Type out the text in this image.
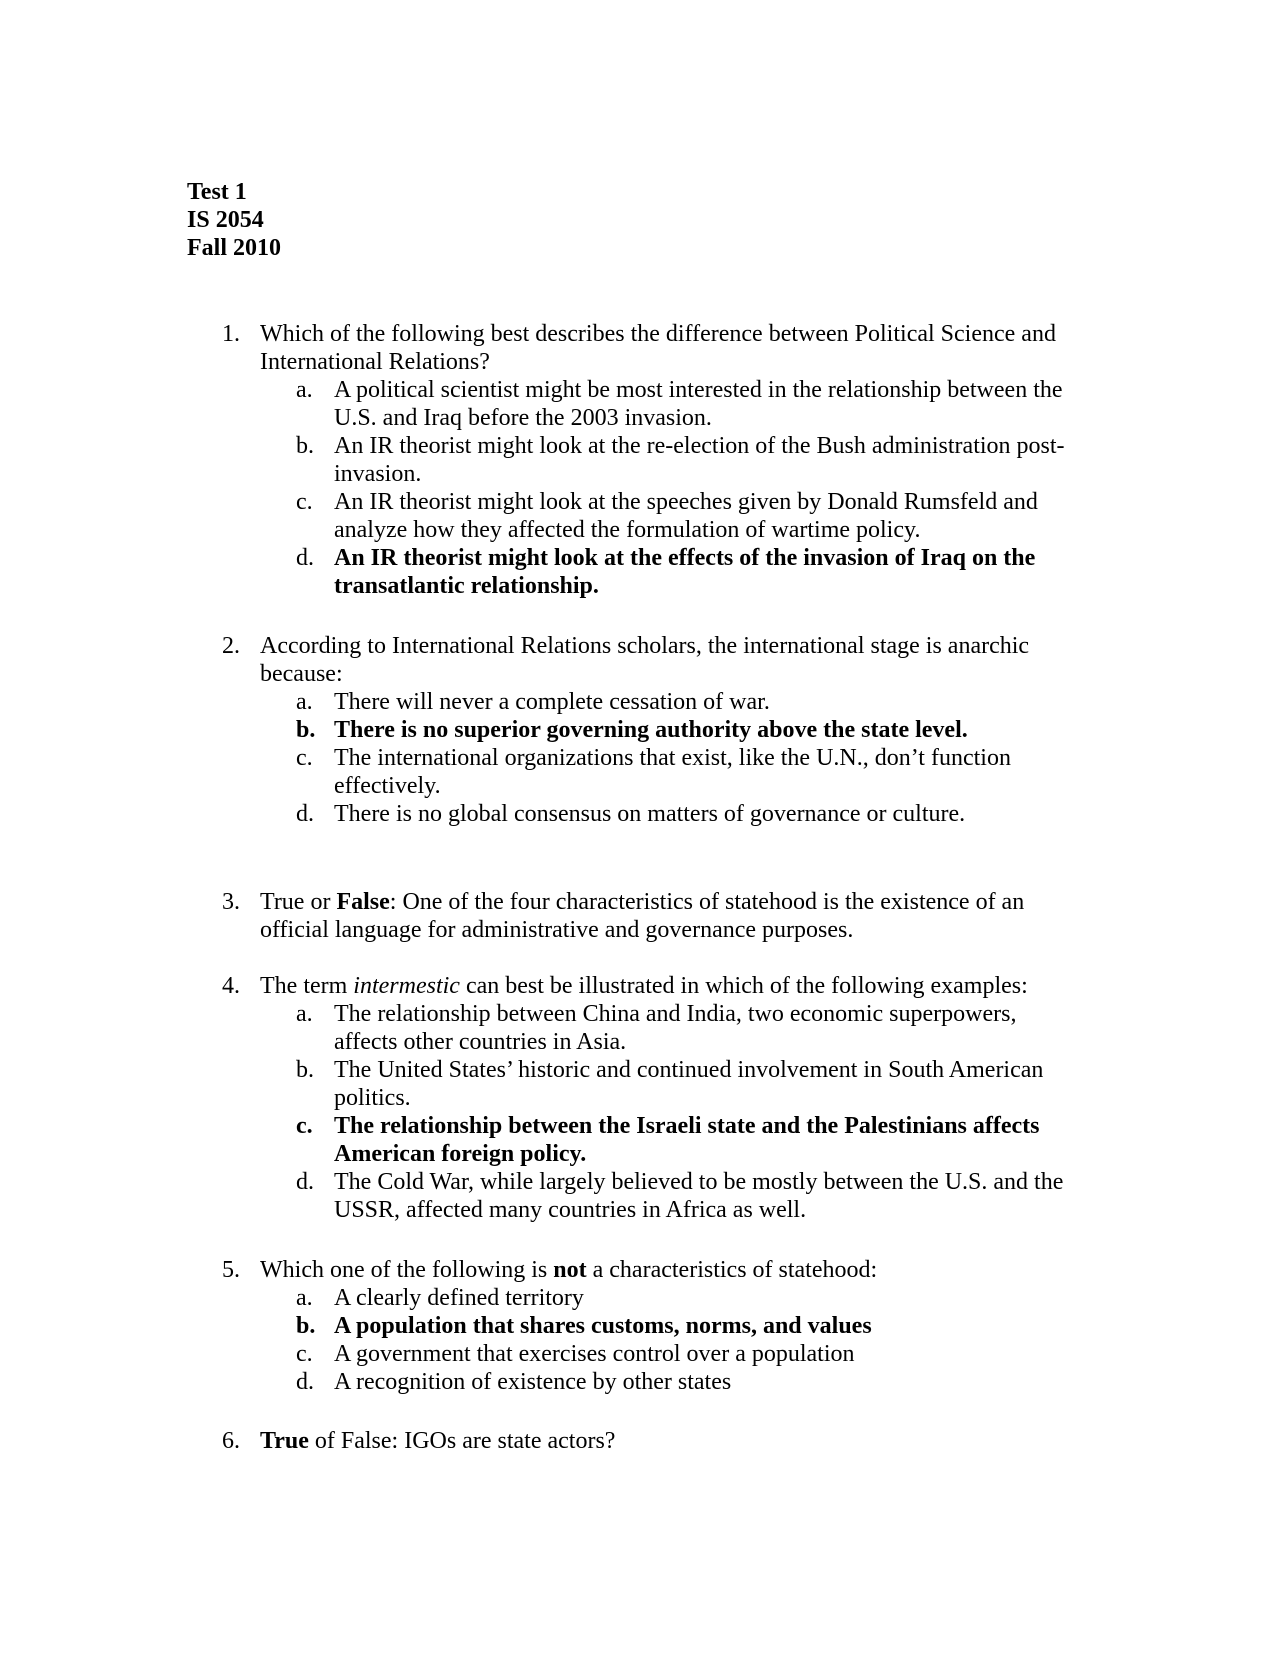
Test 1
IS 2054
Fall 2010
1. Which of the following best describes the difference between Political Science and International Relations?
a. A political scientist might be most interested in the relationship between the U.S. and Iraq before the 2003 invasion.
b. An IR theorist might look at the re-election of the Bush administration post-invasion.
c. An IR theorist might look at the speeches given by Donald Rumsfeld and analyze how they affected the formulation of wartime policy.
d. An IR theorist might look at the effects of the invasion of Iraq on the transatlantic relationship.
2. According to International Relations scholars, the international stage is anarchic because:
a. There will never a complete cessation of war.
b. There is no superior governing authority above the state level.
c. The international organizations that exist, like the U.N., don’t function effectively.
d. There is no global consensus on matters of governance or culture.
3. True or False: One of the four characteristics of statehood is the existence of an official language for administrative and governance purposes.
4. The term intermestic can best be illustrated in which of the following examples:
a. The relationship between China and India, two economic superpowers, affects other countries in Asia.
b. The United States’ historic and continued involvement in South American politics.
c. The relationship between the Israeli state and the Palestinians affects American foreign policy.
d. The Cold War, while largely believed to be mostly between the U.S. and the USSR, affected many countries in Africa as well.
5. Which one of the following is not a characteristics of statehood:
a. A clearly defined territory
b. A population that shares customs, norms, and values
c. A government that exercises control over a population
d. A recognition of existence by other states
6. True of False: IGOs are state actors?
